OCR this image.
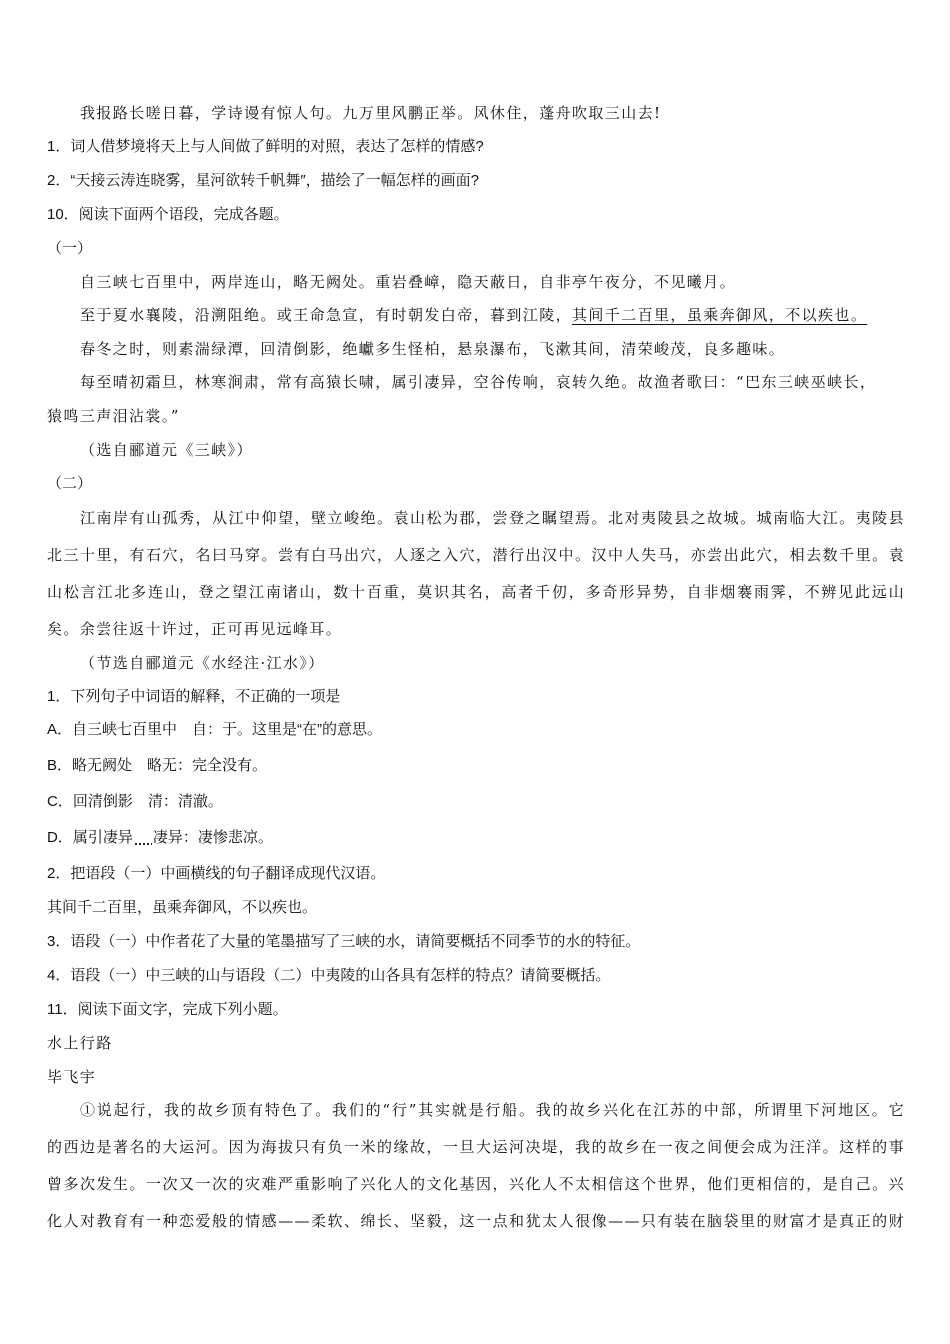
我报路长嗟日暮，学诗谩有惊人句。九万里风鹏正举。风休住，蓬舟吹取三山去!
1．词人借梦境将天上与人间做了鲜明的对照，表达了怎样的情感?
2．“天接云涛连晓雾，星河欲转千帆舞″，描绘了一幅怎样的画面?
10．阅读下面两个语段，完成各题。
（一）
自三峡七百里中，两岸连山，略无阙处。重岩叠嶂，隐天蔽日，自非亭午夜分，不见曦月。
至于夏水襄陵，沿溯阻绝。或王命急宣，有时朝发白帝，暮到江陵，其间千二百里，虽乘奔御风，不以疾也。
春冬之时，则素湍绿潭，回清倒影，绝巘多生怪柏，悬泉瀑布，飞漱其间，清荣峻茂，良多趣味。
每至晴初霜旦，林寒涧肃，常有高猿长啸，属引凄异，空谷传响，哀转久绝。故渔者歌曰：“巴东三峡巫峡长，
猿鸣三声泪沾裳。”
（选自郦道元《三峡》）
（二）
江南岸有山孤秀，从江中仰望，壁立峻绝。袁山松为郡，尝登之瞩望焉。北对夷陵县之故城。城南临大江。夷陵县
北三十里，有石穴，名曰马穿。尝有白马出穴，人逐之入穴，潜行出汉中。汉中人失马，亦尝出此穴，相去数千里。袁
山松言江北多连山，登之望江南诸山，数十百重，莫识其名，高者千仞，多奇形异势，自非烟褰雨霁，不辨见此远山
矣。余尝往返十许过，正可再见远峰耳。
（节选自郦道元《水经注·江水》）
1．下列句子中词语的解释，不正确的一项是
A．自三峡七百里中　自：于。这里是“在”的意思。
B．略无阙处　略无：完全没有。
C．回清倒影　清：清澈。
D．属引凄异 凄异：凄惨悲凉。
2．把语段（一）中画横线的句子翻译成现代汉语。
其间千二百里，虽乘奔御风，不以疾也。
3．语段（一）中作者花了大量的笔墨描写了三峡的水，请简要概括不同季节的水的特征。
4．语段（一）中三峡的山与语段（二）中夷陵的山各具有怎样的特点？请简要概括。
11．阅读下面文字，完成下列小题。
水上行路
毕飞宇
①说起行，我的故乡顶有特色了。我们的“行”其实就是行船。我的故乡兴化在江苏的中部，所谓里下河地区。它
的西边是著名的大运河。因为海拔只有负一米的缘故，一旦大运河决堤，我的故乡在一夜之间便会成为汪洋。这样的事
曾多次发生。一次又一次的灾难严重影响了兴化人的文化基因，兴化人不太相信这个世界，他们更相信的，是自己。兴
化人对教育有一种恋爱般的情感——柔软、绵长、坚毅，这一点和犹太人很像——只有装在脑袋里的财富才是真正的财
